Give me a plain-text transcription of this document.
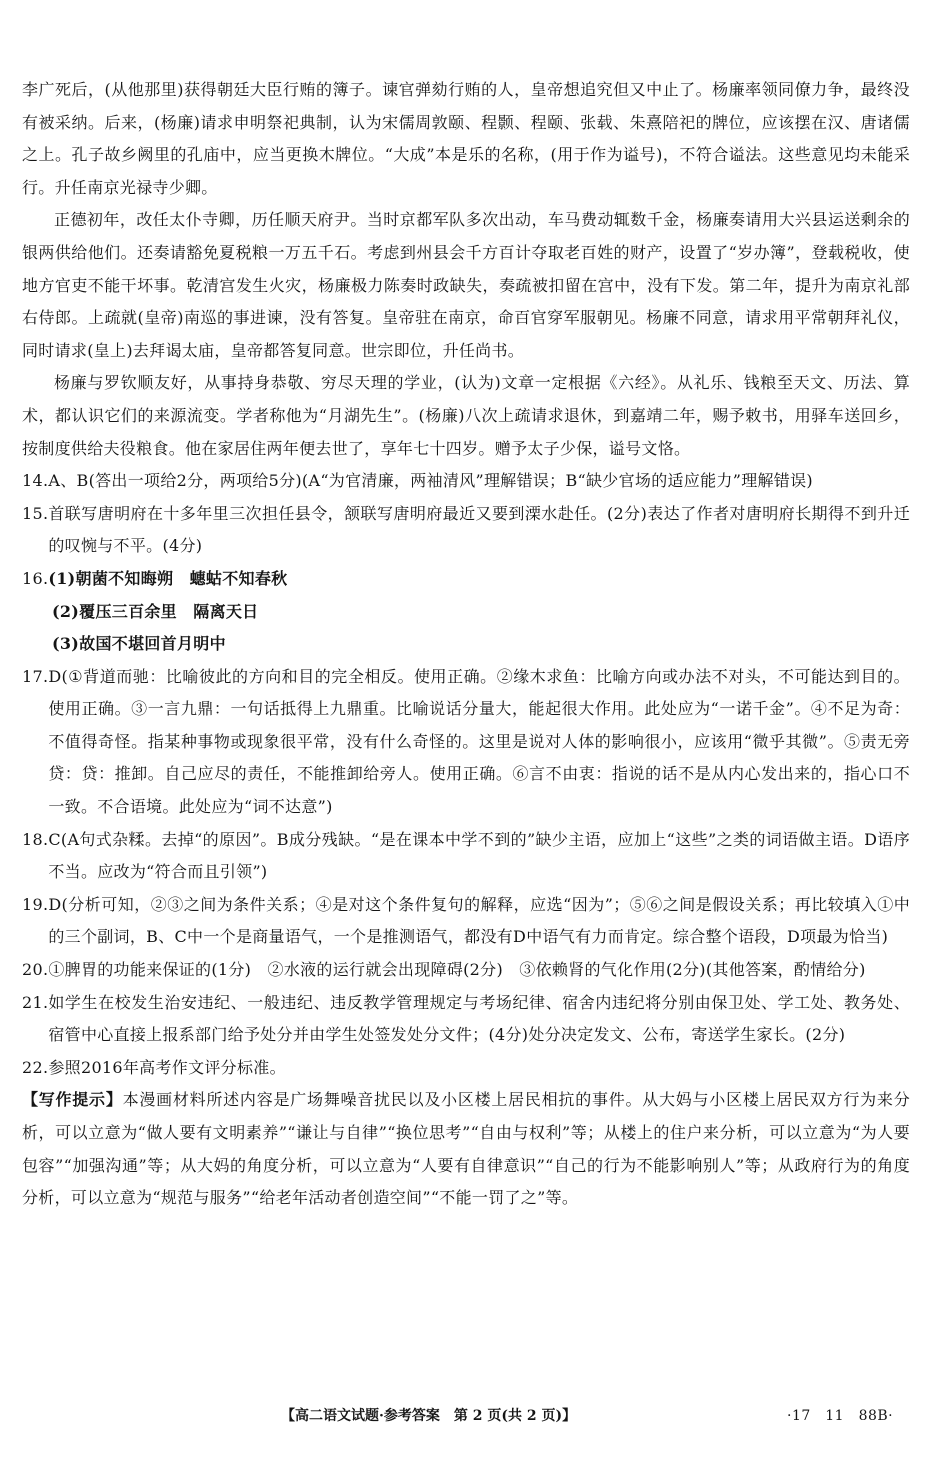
李广死后，(从他那里)获得朝廷大臣行贿的簿子。谏官弹劾行贿的人，皇帝想追究但又中止了。杨廉率领同僚力争，最终没有被采纳。后来，(杨廉)请求申明祭祀典制，认为宋儒周敦颐、程颢、程颐、张载、朱熹陪祀的牌位，应该摆在汉、唐诸儒之上。孔子故乡阙里的孔庙中，应当更换木牌位。“大成”本是乐的名称，(用于作为谥号)，不符合谥法。这些意见均未能采行。升任南京光禄寺少卿。
正德初年，改任太仆寺卿，历任顺天府尹。当时京都军队多次出动，车马费动辄数千金，杨廉奏请用大兴县运送剩余的银两供给他们。还奏请豁免夏税粮一万五千石。考虑到州县会千方百计夺取老百姓的财产，设置了“岁办簿”，登载税收，使地方官吏不能干坏事。乾清宫发生火灾，杨廉极力陈奏时政缺失，奏疏被扣留在宫中，没有下发。第二年，提升为南京礼部右侍郎。上疏就(皇帝)南巡的事进谏，没有答复。皇帝驻在南京，命百官穿军服朝见。杨廉不同意，请求用平常朝拜礼仪，同时请求(皇上)去拜谒太庙，皇帝都答复同意。世宗即位，升任尚书。
杨廉与罗钦顺友好，从事持身恭敬、穷尽天理的学业，(认为)文章一定根据《六经》。从礼乐、钱粮至天文、历法、算术，都认识它们的来源流变。学者称他为“月湖先生”。(杨廉)八次上疏请求退休，到嘉靖二年，赐予敕书，用驿车送回乡，按制度供给夫役粮食。他在家居住两年便去世了，享年七十四岁。赠予太子少保，谥号文恪。
14. A、B(答出一项给2分，两项给5分)(A“为官清廉，两袖清风”理解错误；B“缺少官场的适应能力”理解错误)
15. 首联写唐明府在十多年里三次担任县令，颔联写唐明府最近又要到溧水赴任。(2分)表达了作者对唐明府长期得不到升迁的叹惋与不平。(4分)
16. (1)朝菌不知晦朔　蟪蛄不知春秋
(2)覆压三百余里　隔离天日
(3)故国不堪回首月明中
17. D(①背道而驰：比喻彼此的方向和目的完全相反。使用正确。②缘木求鱼：比喻方向或办法不对头，不可能达到目的。使用正确。③一言九鼎：一句话抵得上九鼎重。比喻说话分量大，能起很大作用。此处应为“一诺千金”。④不足为奇：不值得奇怪。指某种事物或现象很平常，没有什么奇怪的。这里是说对人体的影响很小，应该用“微乎其微”。⑤责无旁贷：贷：推卸。自己应尽的责任，不能推卸给旁人。使用正确。⑥言不由衷：指说的话不是从内心发出来的，指心口不一致。不合语境。此处应为“词不达意”)
18. C(A句式杂糅。去掉“的原因”。B成分残缺。“是在课本中学不到的”缺少主语，应加上“这些”之类的词语做主语。D语序不当。应改为“符合而且引领”)
19. D(分析可知，②③之间为条件关系；④是对这个条件复句的解释，应选“因为”；⑤⑥之间是假设关系；再比较填入①中的三个副词，B、C中一个是商量语气，一个是推测语气，都没有D中语气有力而肯定。综合整个语段，D项最为恰当)
20. ①脾胃的功能来保证的(1分)　②水液的运行就会出现障碍(2分)　③依赖肾的气化作用(2分)(其他答案，酌情给分)
21. 如学生在校发生治安违纪、一般违纪、违反教学管理规定与考场纪律、宿舍内违纪将分别由保卫处、学工处、教务处、宿管中心直接上报系部门给予处分并由学生处签发处分文件；(4分)处分决定发文、公布，寄送学生家长。(2分)
22. 参照2016年高考作文评分标准。
【写作提示】本漫画材料所述内容是广场舞噪音扰民以及小区楼上居民相抗的事件。从大妈与小区楼上居民双方行为来分析，可以立意为“做人要有文明素养”“谦让与自律”“换位思考”“自由与权利”等；从楼上的住户来分析，可以立意为“为人要包容”“加强沟通”等；从大妈的角度分析，可以立意为“人要有自律意识”“自己的行为不能影响别人”等；从政府行为的角度分析，可以立意为“规范与服务”“给老年活动者创造空间”“不能一罚了之”等。
【高二语文试题·参考答案　第 2 页(共 2 页)】	·17　11　88B·
